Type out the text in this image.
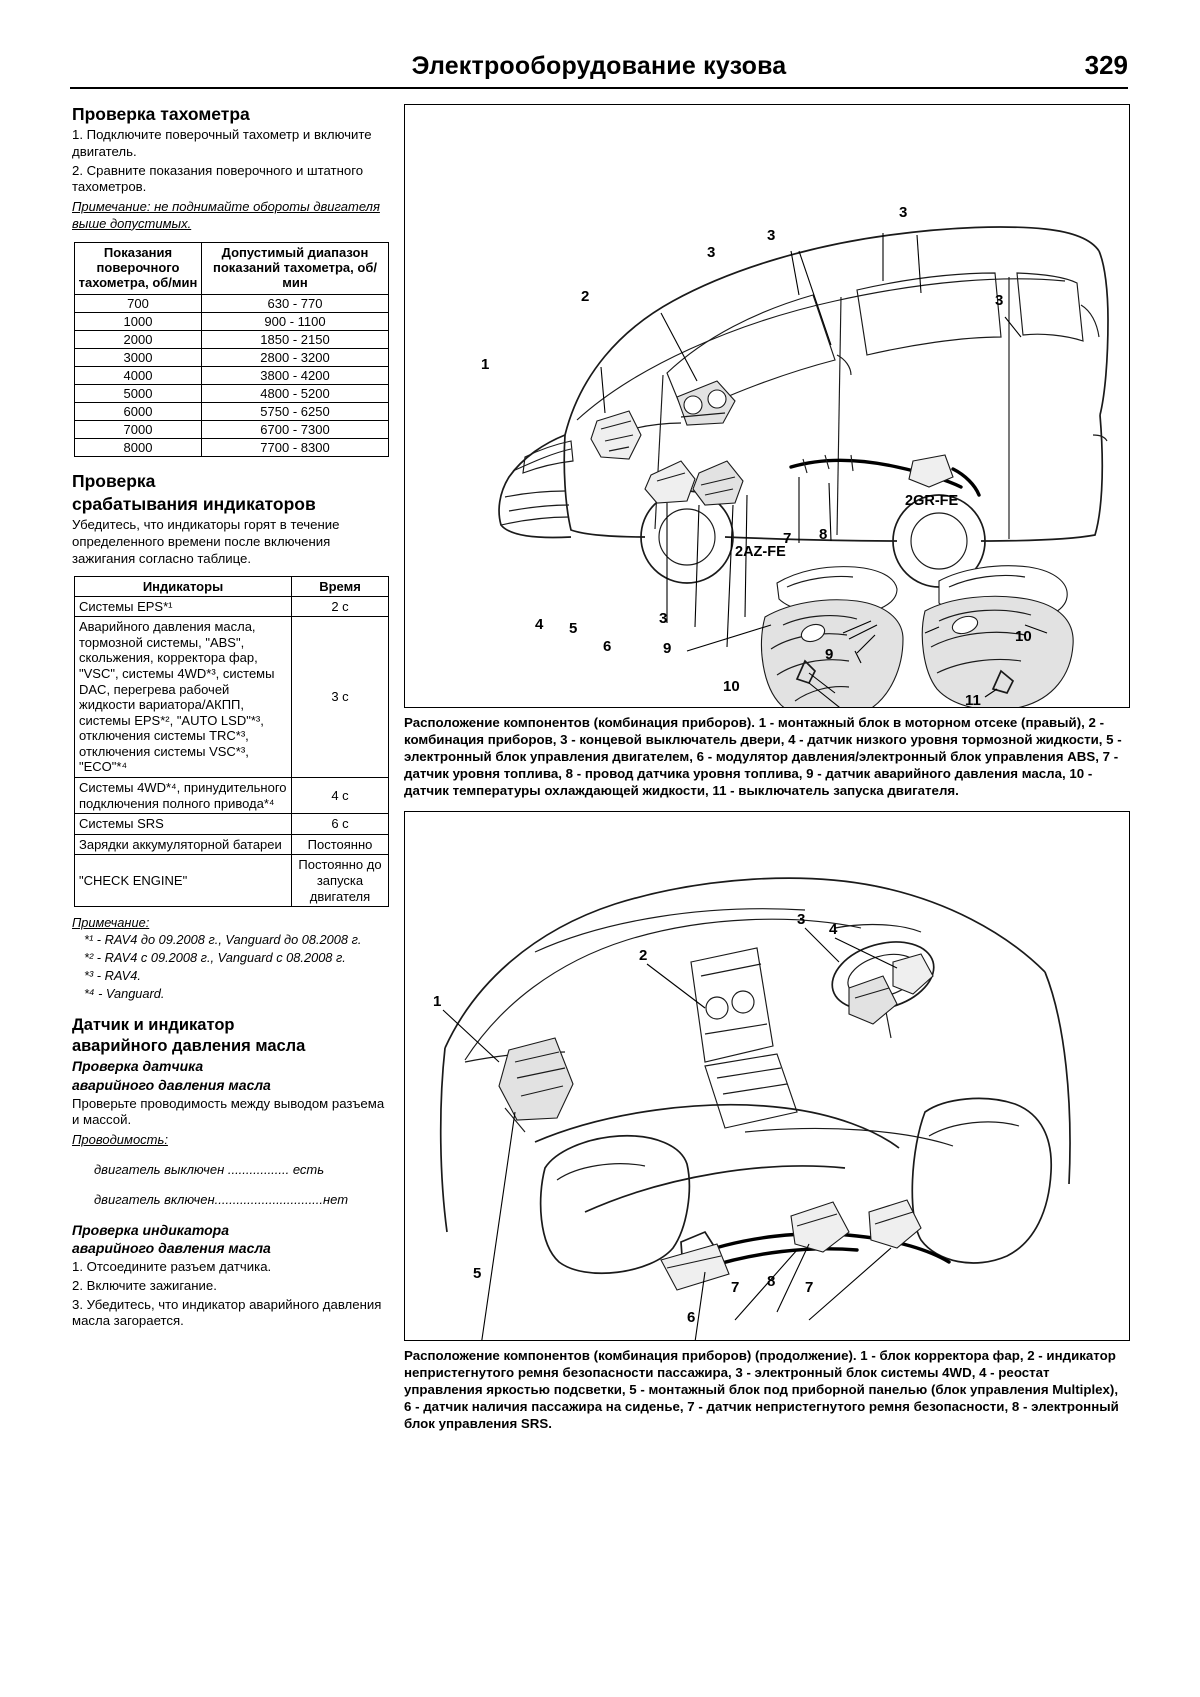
Электрооборудование кузова	329
Проверка тахометра

1. Подключите поверочный тахометр и включите двигатель.

2. Сравните показания поверочного и штатного тахометров.

Примечание: не поднимайте обороты двигателя выше допустимых.

Показания поверочного тахометра, об/мин	Допустимый диапазон показаний тахометра, об/мин
700	630 - 770
1000	900 - 1100
2000	1850 - 2150
3000	2800 - 3200
4000	3800 - 4200
5000	4800 - 5200
6000	5750 - 6250
7000	6700 - 7300
8000	7700 - 8300
Проверка
срабатывания индикаторов

Убедитесь, что индикаторы горят в течение определенного времени после включения зажигания согласно таблице.

Индикаторы	Время
Системы EPS*¹	2 с
Аварийного давления масла, тормозной системы, "ABS", скольжения, корректора фар, "VSC", системы 4WD*³, системы DAC, перегрева рабочей жидкости вариатора/АКПП, системы EPS*², "AUTO LSD"*³, отключения системы TRC*³, отключения системы VSC*³, "ECO"*⁴	3 с
Системы 4WD*⁴, принудительного подключения полного привода*⁴	4 с
Системы SRS	6 с
Зарядки аккумуляторной батареи	Постоянно
"CHECK ENGINE"	Постоянно до запуска двигателя
Примечание:

*¹ - RAV4 до 09.2008 г., Vanguard до 08.2008 г.

*² - RAV4 с 09.2008 г., Vanguard с 08.2008 г.

*³ - RAV4.

*⁴ - Vanguard.

Датчик и индикатор
аварийного давления масла
Проверка датчика
аварийного давления масла

Проверьте проводимость между выводом разъема и массой.

Проводимость:

двигатель выключен ................. есть

двигатель включен..............................нет

Проверка индикатора
аварийного давления масла

1. Отсоедините разъем датчика.

2. Включите зажигание.

3. Убедитесь, что индикатор аварийного давления масла загорается.

2AZ-FE
2GR-FE
1
2
3
3
3
3
3
4 5
6
7 8
9	9
10
10
11
Расположение компонентов (комбинация приборов). 1 - монтажный блок в моторном отсеке (правый), 2 - комбинация приборов, 3 - концевой выключатель двери, 4 - датчик низкого уровня тормозной жидкости, 5 - электронный блок управления двигателем, 6 - модулятор давления/электронный блок управления ABS, 7 - датчик уровня топлива, 8 - провод датчика уровня топлива, 9 - датчик аварийного давления масла, 10 - датчик температуры охлаждающей жидкости, 11 - выключатель запуска двигателя.
1
2
3
4
5
6
7	7
8
Расположение компонентов (комбинация приборов) (продолжение). 1 - блок корректора фар, 2 - индикатор непристегнутого ремня безопасности пассажира, 3 - электронный блок системы 4WD, 4 - реостат управления яркостью подсветки, 5 - монтажный блок под приборной панелью (блок управления Multiplex), 6 - датчик наличия пассажира на сиденье, 7 - датчик непристегнутого ремня безопасности, 8 - электронный блок управления SRS.
